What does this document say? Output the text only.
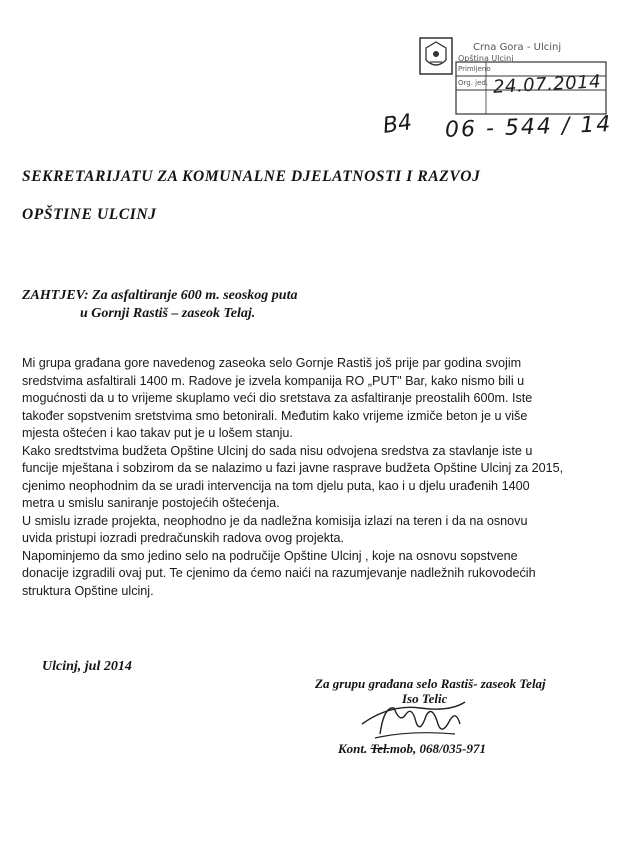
Crna Gora - Ulcinj
Opština Ulcinj
Primljeno
Org. jed. 24.07.2014
B4 06 - 544 / 14
SEKRETARIJATU ZA KOMUNALNE DJELATNOSTI I RAZVOJ
OPŠTINE ULCINJ
ZAHTJEV: Za asfaltiranje 600 m. seoskog puta
u Gornji Rastiš – zaseok Telaj.
Mi grupa građana gore navedenog zaseoka selo Gornje Rastiš još prije par godina svojim
sredstvima asfaltirali 1400 m. Radove je izvela kompanija RO „PUT" Bar, kako nismo bili u
mogućnosti da u to vrijeme skuplamo veći dio sretstava za asfaltiranje preostalih 600m. Iste
također sopstvenim sretstvima smo betonirali. Međutim kako vrijeme izmiče beton je u više
mjesta oštećen i kao takav put je u lošem stanju.
Kako sredtstvima budžeta Opštine Ulcinj do sada nisu odvojena sredstva za stavlanje iste u
funcije mještana i sobzirom da se nalazimo u fazi javne rasprave budžeta Opštine Ulcinj za 2015,
cjenimo neophodnim da se uradi intervencija na tom djelu puta, kao i u djelu urađenih 1400
metra u smislu saniranje postojećih oštećenja.
U smislu izrade projekta, neophodno je da nadležna komisija izlazi na teren i da na osnovu
uvida pristupi iozradi predračunskih radova ovog projekta.
Napominjemo da smo jedino selo na područije Opštine Ulcinj , koje na osnovu sopstvene
donacije izgradili ovaj put. Te cjenimo da ćemo naići na razumjevanje nadležnih rukovodećih
struktura Opštine ulcinj.
Ulcinj, jul 2014
Za grupu građana selo Rastiš- zaseok Telaj
Iso Telic
Kont. Tel.mob, 068/035-971
